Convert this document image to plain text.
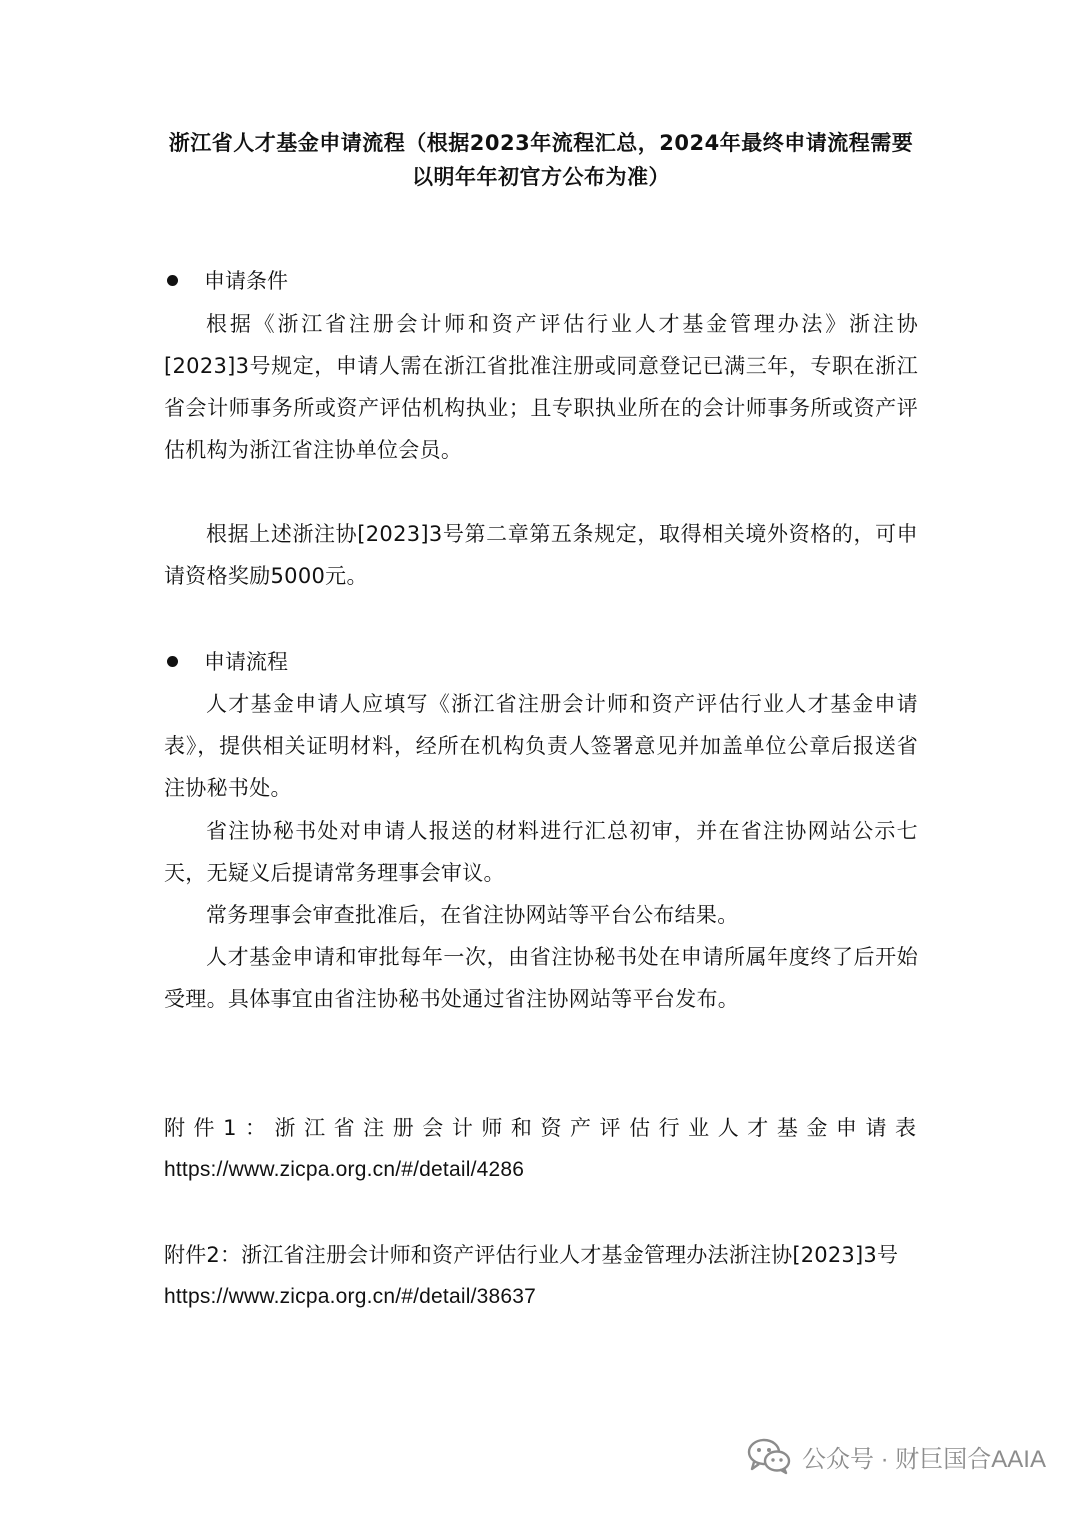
浙江省人才基金申请流程（根据2023年流程汇总，2024年最终申请流程需要以明年年初官方公布为准）
申请条件
根据《浙江省注册会计师和资产评估行业人才基金管理办法》浙注协[2023]3号规定，申请人需在浙江省批准注册或同意登记已满三年，专职在浙江省会计师事务所或资产评估机构执业；且专职执业所在的会计师事务所或资产评估机构为浙江省注协单位会员。
根据上述浙注协[2023]3号第二章第五条规定，取得相关境外资格的，可申请资格奖励5000元。
申请流程
人才基金申请人应填写《浙江省注册会计师和资产评估行业人才基金申请表》，提供相关证明材料，经所在机构负责人签署意见并加盖单位公章后报送省注协秘书处。
省注协秘书处对申请人报送的材料进行汇总初审，并在省注协网站公示七天，无疑义后提请常务理事会审议。
常务理事会审查批准后，在省注协网站等平台公布结果。
人才基金申请和审批每年一次，由省注协秘书处在申请所属年度终了后开始受理。具体事宜由省注协秘书处通过省注协网站等平台发布。
附件1：浙江省注册会计师和资产评估行业人才基金申请表
https://www.zicpa.org.cn/#/detail/4286
附件2：浙江省注册会计师和资产评估行业人才基金管理办法浙注协[2023]3号
https://www.zicpa.org.cn/#/detail/38637
公众号 · 财巨国合AAIA
